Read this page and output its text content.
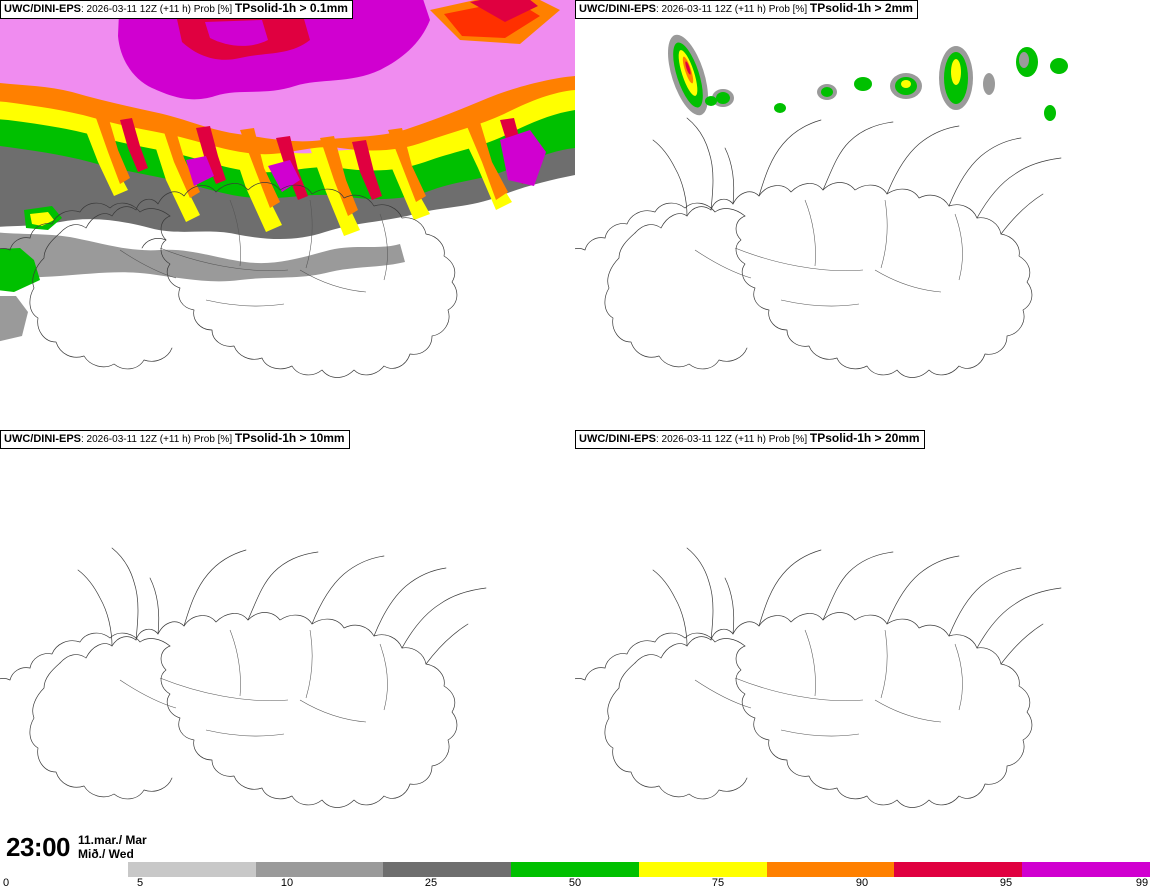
UWC/DINI-EPS: 2026-03-11 12Z (+11 h) Prob [%] TPsolid-1h > 0.1mm	UWC/DINI-EPS: 2026-03-11 12Z (+11 h) Prob [%] TPsolid-1h > 2mm
UWC/DINI-EPS: 2026-03-11 12Z (+11 h) Prob [%] TPsolid-1h > 10mm	UWC/DINI-EPS: 2026-03-11 12Z (+11 h) Prob [%] TPsolid-1h > 20mm
23:00 11.mar./ Mar
Mið./ Wed
0	5	10	25	50	75	90	95	99
